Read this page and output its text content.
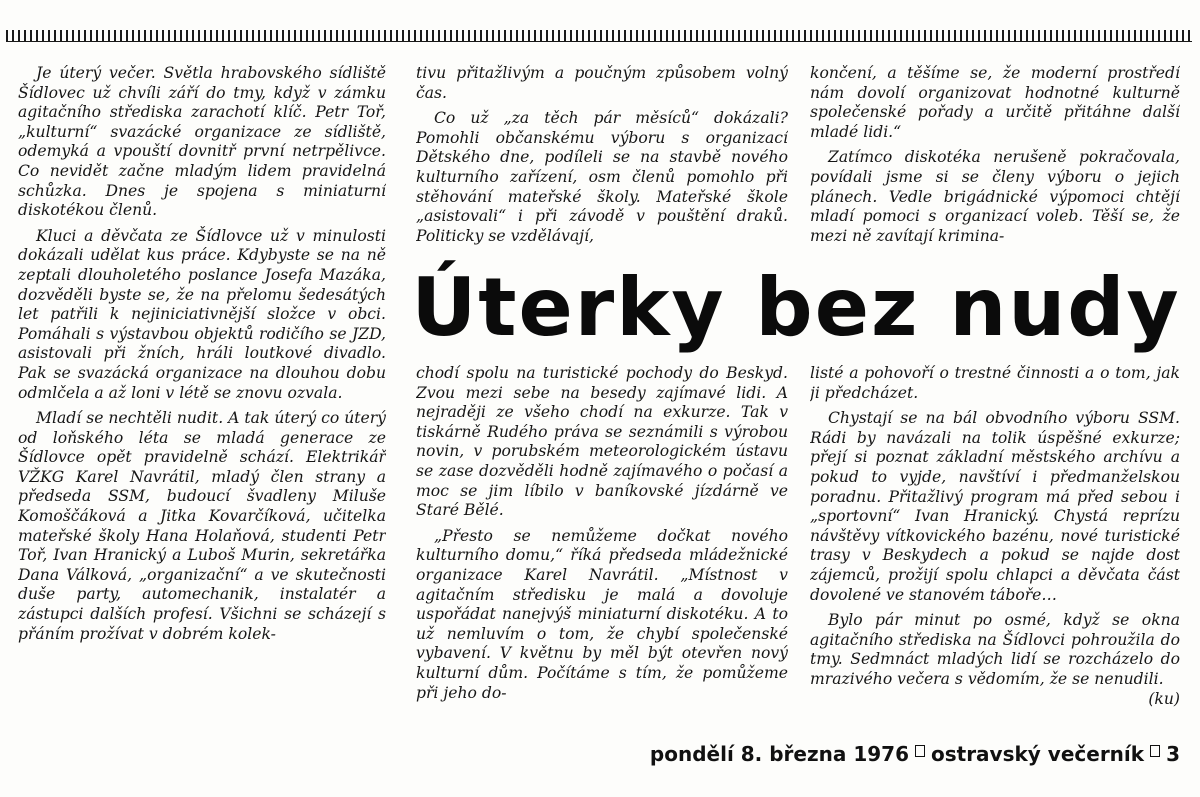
Je úterý večer. Světla hrabovského sídliště Šídlovec už chvíli září do tmy, když v zámku agitačního střediska zarachotí klíč. Petr Toř, „kulturní“ svazácké organizace ze sídliště, odemyká a vpouští dovnitř první netrpělivce. Co nevidět začne mladým lidem pravidelná schůzka. Dnes je spojena s miniaturní diskotékou členů.

Kluci a děvčata ze Šídlovce už v minulosti dokázali udělat kus práce. Kdybyste se na ně zeptali dlouholetého poslance Josefa Mazáka, dozvěděli byste se, že na přelomu šedesátých let patřili k nejiniciativnější složce v obci. Pomáhali s výstavbou objektů rodičího se JZD, asistovali při žních, hráli loutkové divadlo. Pak se svazácká organizace na dlouhou dobu odmlčela a až loni v létě se znovu ozvala.

Mladí se nechtěli nudit. A tak úterý co úterý od loňského léta se mladá generace ze Šídlovce opět pravidelně schází. Elektrikář VŽKG Karel Navrátil, mladý člen strany a předseda SSM, budoucí švadleny Miluše Komoščáková a Jitka Kovarčíková, učitelka mateřské školy Hana Holaňová, studenti Petr Toř, Ivan Hranický a Luboš Murin, sekretářka Dana Válková, „organizační“ a ve skutečnosti duše party, automechanik, instalatér a zástupci dalších profesí. Všichni se scházejí s přáním prožívat v dobrém kolek-

tivu přitažlivým a poučným způsobem volný čas.

Co už „za těch pár měsíců“ dokázali? Pomohli občanskému výboru s organizací Dětského dne, podíleli se na stavbě nového kulturního zařízení, osm členů pomohlo při stěhování mateřské školy. Mateřské škole „asistovali“ i při závodě v pouštění draků. Politicky se vzdělávají,

končení, a těšíme se, že moderní prostředí nám dovolí organizovat hodnotné kulturně společenské pořady a určitě přitáhne další mladé lidi.“

Zatímco diskotéka nerušeně pokračovala, povídali jsme si se členy výboru o jejich plánech. Vedle brigádnické výpomoci chtějí mladí pomoci s organizací voleb. Těší se, že mezi ně zavítají krimina-

Úterky bez nudy

chodí spolu na turistické pochody do Beskyd. Zvou mezi sebe na besedy zajímavé lidi. A nejraději ze všeho chodí na exkurze. Tak v tiskárně Rudého práva se seznámili s výrobou novin, v porubském meteorologickém ústavu se zase dozvěděli hodně zajímavého o počasí a moc se jim líbilo v baníkovské jízdárně ve Staré Bělé.

„Přesto se nemůžeme dočkat nového kulturního domu,“ říká předseda mládežnické organizace Karel Navrátil. „Místnost v agitačním středisku je malá a dovoluje uspořádat nanejvýš miniaturní diskotéku. A to už nemluvím o tom, že chybí společenské vybavení. V květnu by měl být otevřen nový kulturní dům. Počítáme s tím, že pomůžeme při jeho do-

listé a pohovoří o trestné činnosti a o tom, jak ji předcházet.

Chystají se na bál obvodního výboru SSM. Rádi by navázali na tolik úspěšné exkurze; přejí si poznat základní městského archívu a pokud to vyjde, navštíví i předmanželskou poradnu. Přitažlivý program má před sebou i „sportovní“ Ivan Hranický. Chystá reprízu návštěvy vítkovického bazénu, nové turistické trasy v Beskydech a pokud se najde dost zájemců, prožijí spolu chlapci a děvčata část dovolené ve stanovém táboře…

Bylo pár minut po osmé, když se okna agitačního střediska na Šídlovci pohroužila do tmy. Sedmnáct mladých lidí se rozcházelo do mrazivého večera s vědomím, že se nenudili.
(ku)

pondělí 8. března 1976 ostravský večerník 3
